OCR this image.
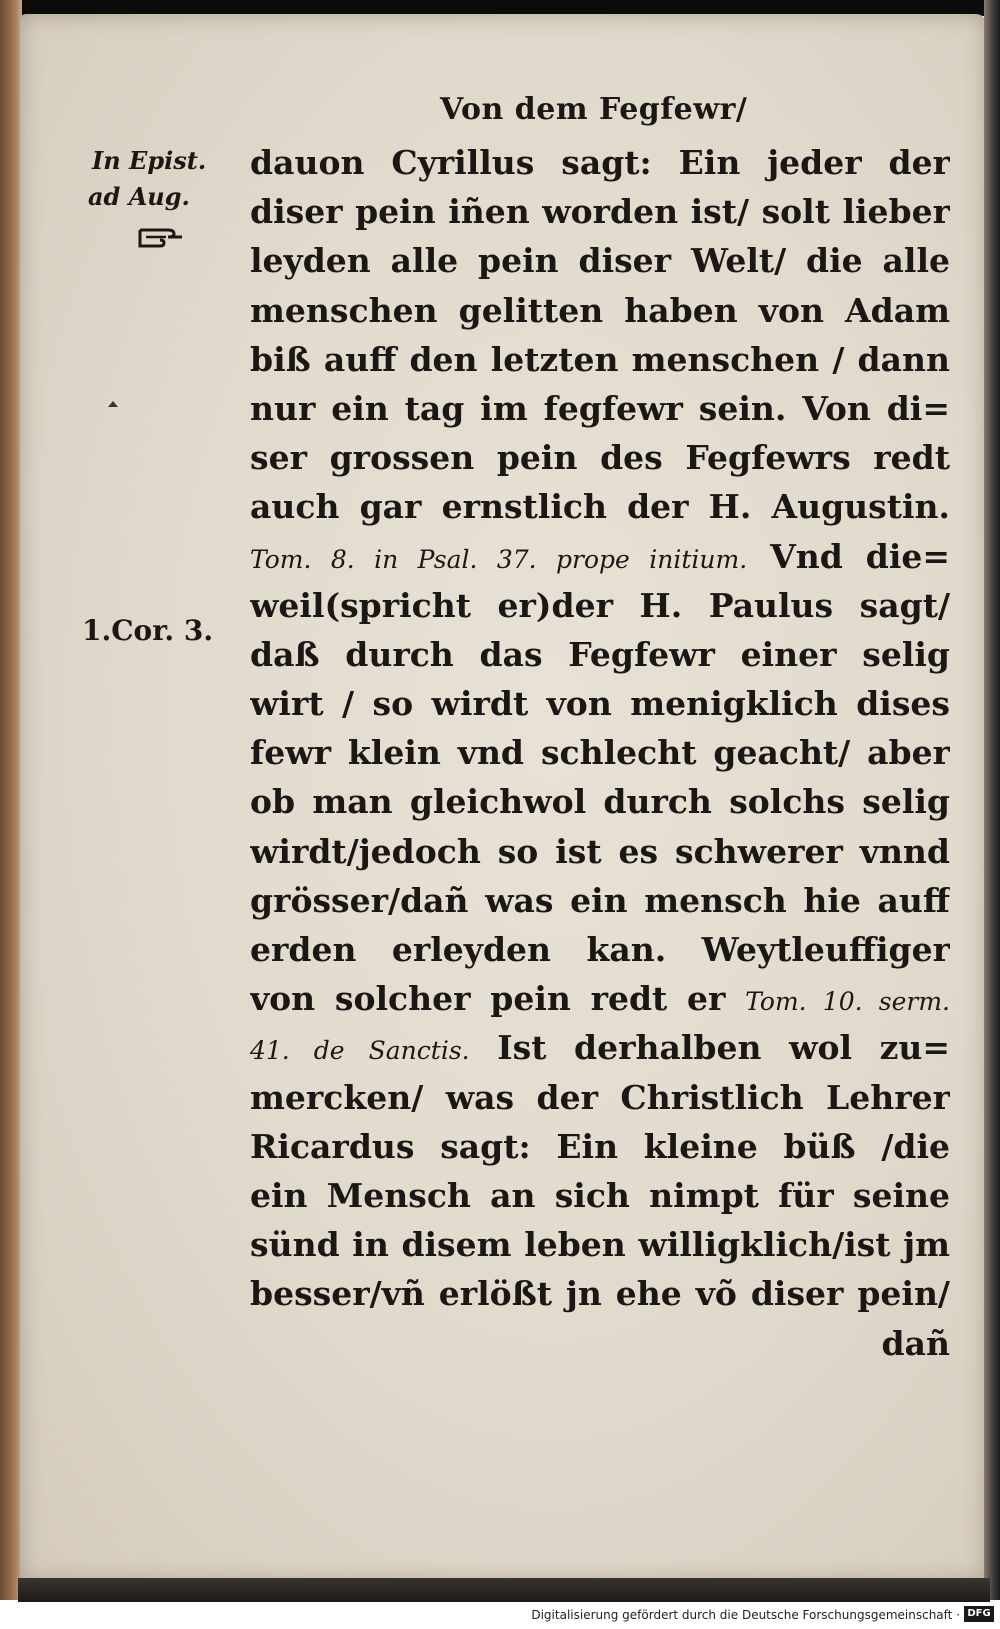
Von dem Fegfewr/
In Epist.
ad Aug.
1.Cor. 3.
dauon Cyrillus sagt: Ein jeder der
diser pein iñen worden ist/ solt lieber
leyden alle pein diser Welt/ die alle
menschen gelitten haben von Adam
biß auff den letzten menschen / dann
nur ein tag im fegfewr sein. Von di=
ser grossen pein des Fegfewrs redt
auch gar ernstlich der H. Augustin.
Tom. 8. in Psal. 37. prope initium. Vnd die=
weil(spricht er)der H. Paulus sagt/
daß durch das Fegfewr einer selig
wirt / so wirdt von menigklich dises
fewr klein vnd schlecht geacht/ aber
ob man gleichwol durch solchs selig
wirdt/jedoch so ist es schwerer vnnd
grösser/dañ was ein mensch hie auff
erden erleyden kan. Weytleuffiger
von solcher pein redt er Tom. 10. serm.
41. de Sanctis. Ist derhalben wol zu=
mercken/ was der Christlich Lehrer
Ricardus sagt: Ein kleine büß /die
ein Mensch an sich nimpt für seine
sünd in disem leben willigklich/ist jm
besser/vñ erlößt jn ehe võ diser pein/
dañ
Digitalisierung gefördert durch die Deutsche Forschungsgemeinschaft · DFG
